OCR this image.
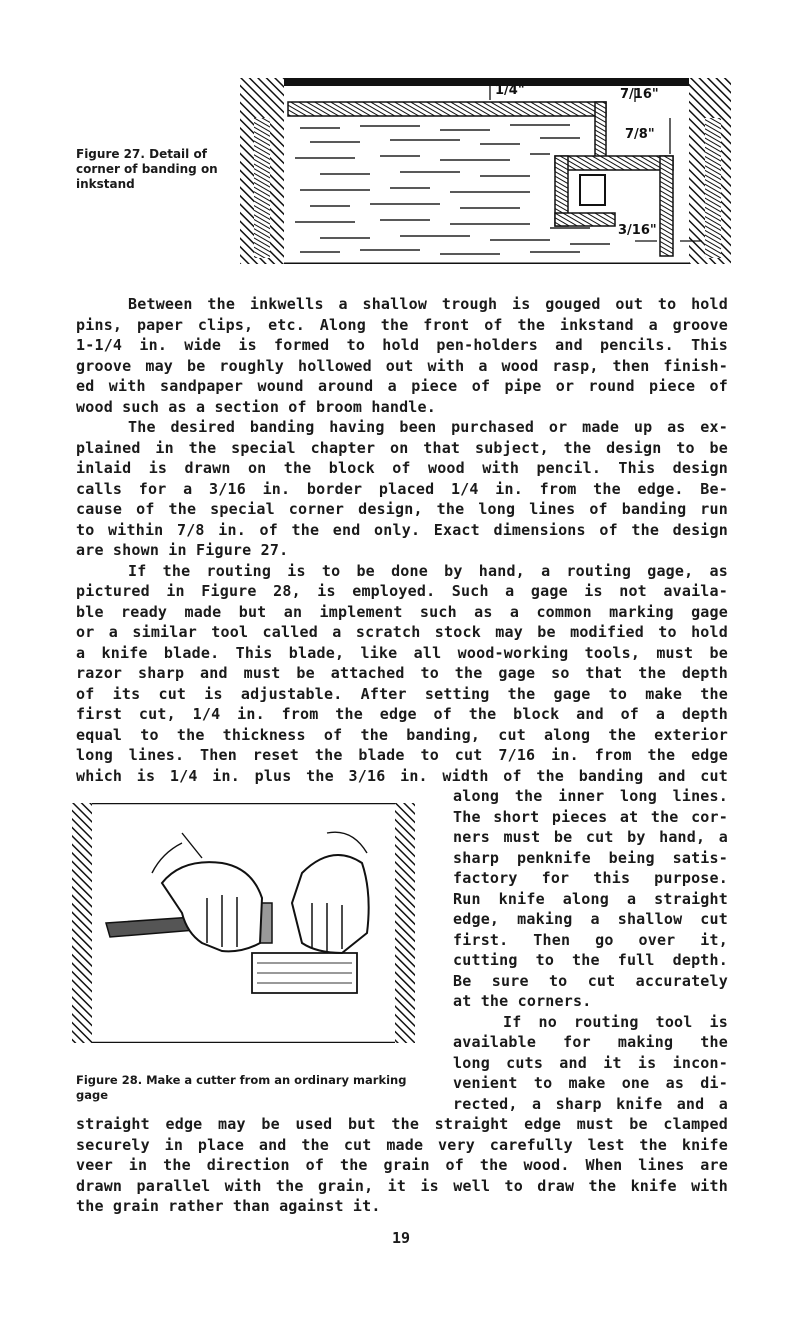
Figure 27. Detail of
corner of banding on
inkstand
1/4"	7/16"
7/8"
3/16"
Between the inkwells a shallow trough is gouged out to hold
pins, paper clips, etc. Along the front of the inkstand a groove
1-1/4 in. wide is formed to hold pen-holders and pencils. This
groove may be roughly hollowed out with a wood rasp, then finish-
ed with sandpaper wound around a piece of pipe or round piece of
wood such as a section of broom handle.
The desired banding having been purchased or made up as ex-
plained in the special chapter on that subject, the design to be
inlaid is drawn on the block of wood with pencil. This design
calls for a 3/16 in. border placed 1/4 in. from the edge. Be-
cause of the special corner design, the long lines of banding run
to within 7/8 in. of the end only. Exact dimensions of the design
are shown in Figure 27.
If the routing is to be done by hand, a routing gage, as
pictured in Figure 28, is employed. Such a gage is not availa-
ble ready made but an implement such as a common marking gage
or a similar tool called a scratch stock may be modified to hold
a knife blade. This blade, like all wood-working tools, must be
razor sharp and must be attached to the gage so that the depth
of its cut is adjustable. After setting the gage to make the
first cut, 1/4 in. from the edge of the block and of a depth
equal to the thickness of the banding, cut along the exterior
long lines. Then reset the blade to cut 7/16 in. from the edge
which is 1/4 in. plus the 3/16 in. width of the banding and cut
along the inner long lines.
The short pieces at the cor-
ners must be cut by hand, a
sharp penknife being satis-
factory for this purpose.
Run knife along a straight
edge, making a shallow cut
first. Then go over it,
cutting to the full depth.
Be sure to cut accurately
at the corners.
If no routing tool is
available for making the
long cuts and it is incon-
venient to make one as di-
rected, a sharp knife and a
straight edge may be used but the straight edge must be clamped
securely in place and the cut made very carefully lest the knife
veer in the direction of the grain of the wood. When lines are
drawn parallel with the grain, it is well to draw the knife with
the grain rather than against it.
Figure 28. Make a cutter from an ordinary marking
gage
19
